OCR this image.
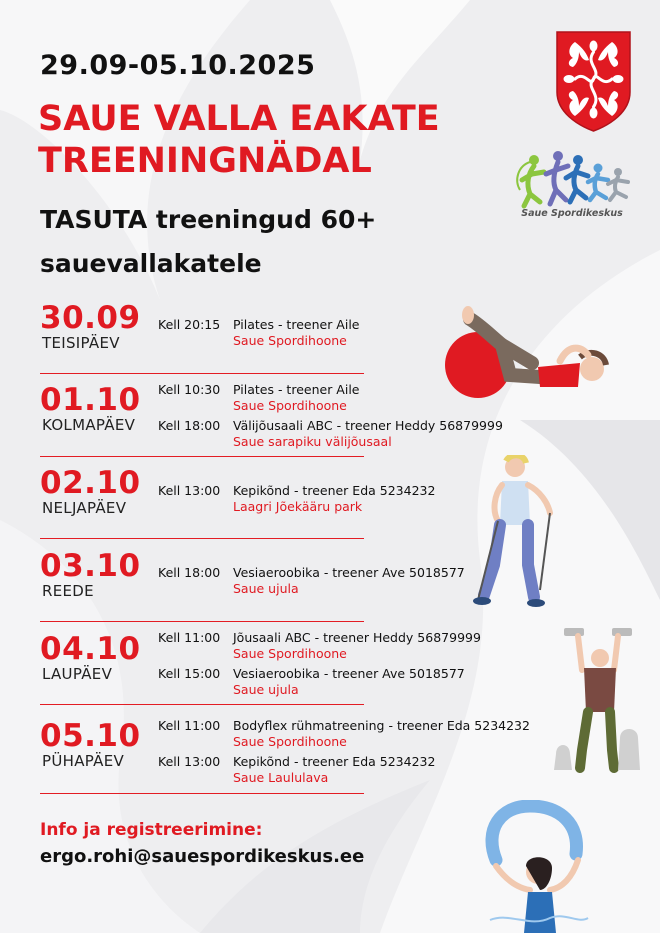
29.09-05.10.2025
SAUE VALLA EAKATE
TREENINGNÄDAL
TASUTA treeningud 60+
sauevallakatele
Saue Spordikeskus
30.09
TEISIPÄEV
Kell 20:15 Pilates - treener Aile
Saue Spordihoone
01.10
KOLMAPÄEV
Kell 10:30 Pilates - treener Aile
Saue Spordihoone
Kell 18:00 Välijõusaali ABC - treener Heddy 56879999
Saue sarapiku välijõusaal
02.10
NELJAPÄEV
Kell 13:00 Kepikõnd - treener Eda 5234232
Laagri Jõekääru park
03.10
REEDE
Kell 18:00 Vesiaeroobika - treener Ave 5018577
Saue ujula
04.10
LAUPÄEV
Kell 11:00 Jõusaali ABC - treener Heddy 56879999
Saue Spordihoone
Kell 15:00 Vesiaeroobika - treener Ave 5018577
Saue ujula
05.10
PÜHAPÄEV
Kell 11:00 Bodyflex rühmatreening - treener Eda 5234232
Saue Spordihoone
Kell 13:00 Kepikõnd - treener Eda 5234232
Saue Laululava
Info ja registreerimine:
ergo.rohi@sauespordikeskus.ee
